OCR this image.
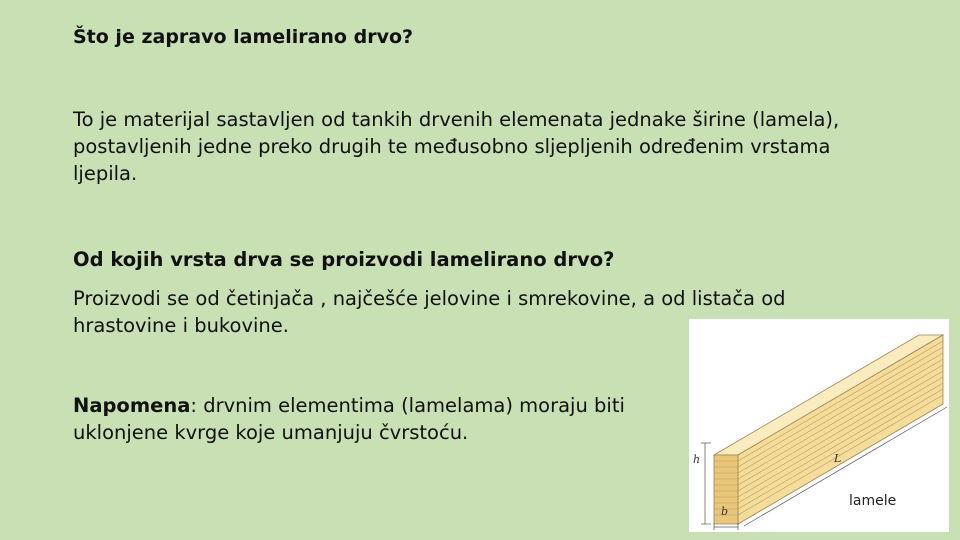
Što je zapravo lamelirano drvo?

To je materijal sastavljen od tankih drvenih elemenata jednake širine (lamela), postavljenih jedne preko drugih te međusobno sljepljenih određenim vrstama ljepila.

Od kojih vrsta drva se proizvodi lamelirano drvo?

Proizvodi se od četinjača , najčešće jelovine i smrekovine, a od listača od hrastovine i bukovine.

Napomena: drvnim elementima (lamelama) moraju biti uklonjene kvrge koje umanjuju čvrstoću.

h
b
L
lamele
